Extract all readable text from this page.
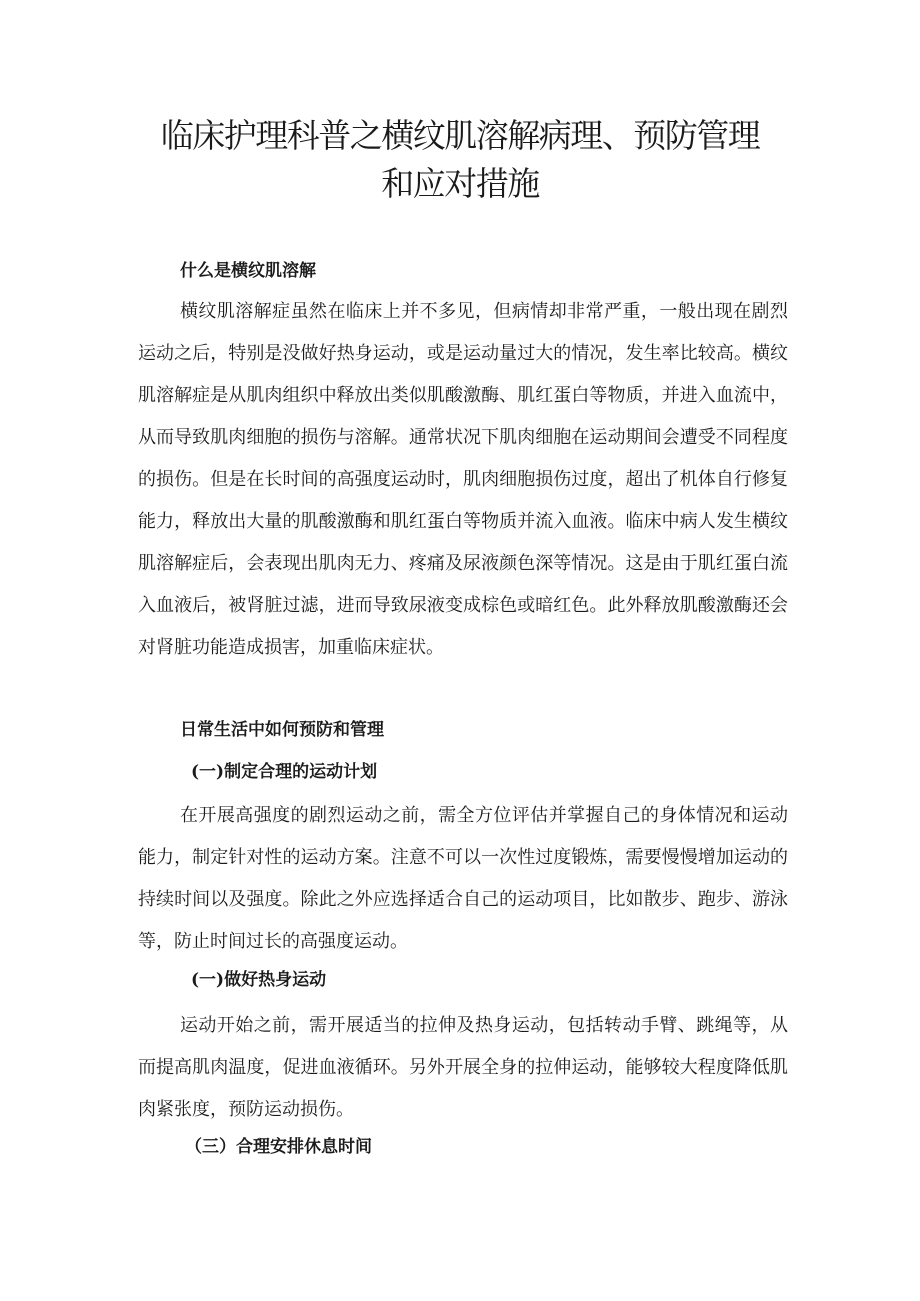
临床护理科普之横纹肌溶解病理、预防管理
和应对措施
什么是横纹肌溶解

横纹肌溶解症虽然在临床上并不多见，但病情却非常严重，一般出现在剧烈运动之后，特别是没做好热身运动，或是运动量过大的情况，发生率比较高。横纹肌溶解症是从肌肉组织中释放出类似肌酸激酶、肌红蛋白等物质，并进入血流中，从而导致肌肉细胞的损伤与溶解。通常状况下肌肉细胞在运动期间会遭受不同程度的损伤。但是在长时间的高强度运动时，肌肉细胞损伤过度，超出了机体自行修复能力，释放出大量的肌酸激酶和肌红蛋白等物质并流入血液。临床中病人发生横纹肌溶解症后，会表现出肌肉无力、疼痛及尿液颜色深等情况。这是由于肌红蛋白流入血液后，被肾脏过滤，进而导致尿液变成棕色或暗红色。此外释放肌酸激酶还会对肾脏功能造成损害，加重临床症状。

日常生活中如何预防和管理
(一)制定合理的运动计划

在开展高强度的剧烈运动之前，需全方位评估并掌握自己的身体情况和运动能力，制定针对性的运动方案。注意不可以一次性过度锻炼，需要慢慢增加运动的持续时间以及强度。除此之外应选择适合自己的运动项目，比如散步、跑步、游泳等，防止时间过长的高强度运动。

(一)做好热身运动

运动开始之前，需开展适当的拉伸及热身运动，包括转动手臂、跳绳等，从而提高肌肉温度，促进血液循环。另外开展全身的拉伸运动，能够较大程度降低肌肉紧张度，预防运动损伤。

（三）合理安排休息时间
